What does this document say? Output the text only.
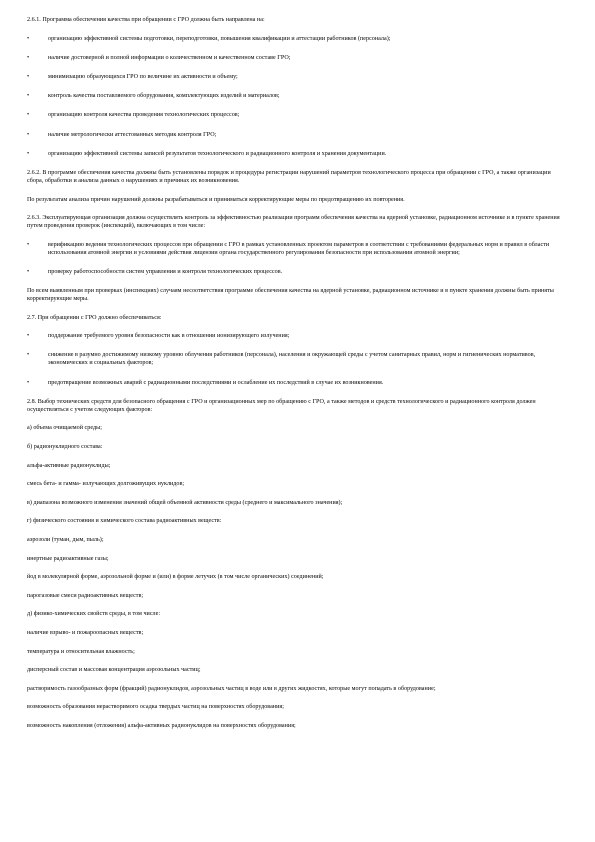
2.6.1. Программа обеспечения качества при обращении с ГРО должна быть направлена на:
•	организацию эффективной системы подготовки, переподготовки, повышения квалификации и аттестации работников (персонала);
•	наличие достоверной и полной информации о количественном и качественном составе ГРО;
•	минимизацию образующихся ГРО по величине их активности и объему;
•	контроль качества поставляемого оборудования, комплектующих изделий и материалов;
•	организацию контроля качества проведения технологических процессов;
•	наличие метрологически аттестованных методик контроля ГРО;
•	организацию эффективной системы записей результатов технологического и радиационного контроля и хранения документации.
2.6.2. В программе обеспечения качества должны быть установлены порядок и процедуры регистрации нарушений параметров технологического процесса при обращении с ГРО, а также организации сбора, обработки и анализа данных о нарушениях и причинах их возникновения.
По результатам анализа причин нарушений должны разрабатываться и приниматься корректирующие меры по предотвращению их повторения.
2.6.3. Эксплуатирующая организация должна осуществлять контроль за эффективностью реализации программ обеспечения качества на ядерной установке, радиационном источнике и в пункте хранения путем проведения проверок (инспекций), включающих в том числе:
•	верификацию ведения технологических процессов при обращении с ГРО в рамках установленных проектом параметров в соответствии с требованиями федеральных норм и правил в области использования атомной энергии и условиями действия лицензии органа государственного регулирования безопасности при использовании атомной энергии;
•	проверку работоспособности систем управления и контроля технологических процессов.
По всем выявленным при проверках (инспекциях) случаям несоответствия программе обеспечения качества на ядерной установке, радиационном источнике и в пункте хранения должны быть приняты корректирующие меры.
2.7. При обращении с ГРО должно обеспечиваться:
•	поддержание требуемого уровня безопасности как в отношении ионизирующего излучения;
•	снижение в разумно достижимому низкому уровню облучения работников (персонала), населения и окружающей среды с учетом санитарных правил, норм и гигиенических нормативов, экономических и социальных факторов;
•	предотвращение возможных аварий с радиационными последствиями и ослабление их последствий в случае их возникновения.
2.8. Выбор технических средств для безопасного обращения с ГРО и организационных мер по обращению с ГРО, а также методов и средств технологического и радиационного контроля должен осуществляться с учетом следующих факторов:
а) объема очищаемой среды;
б) радионуклидного состава:
альфа-активные радионуклиды;
смесь бета- и гамма- излучающих долгоживущих нуклидов;
в) диапазона возможного изменения значений общей объемной активности среды (среднего и максимального значения);
г) физического состояния и химического состава радиоактивных веществ:
аэрозоли (туман, дым, пыль);
инертные радиоактивные газы;
йод в молекулярной форме, аэрозольной форме и (или) в форме летучих (в том числе органических) соединений;
парогазовые смеси радиоактивных веществ;
д) физико-химических свойств среды, в том числе:
наличие взрыво- и пожароопасных веществ;
температура и относительная влажность;
дисперсный состав и массовая концентрация аэрозольных частиц;
растворимость газообразных форм (фракций) радионуклидов, аэрозольных частиц в воде или в других жидкостях, которые могут попадать в оборудование;
возможность образования нерастворимого осадка твердых частиц на поверхностях оборудования;
возможность накопления (отложения) альфа-активных радионуклидов на поверхностях оборудования;
